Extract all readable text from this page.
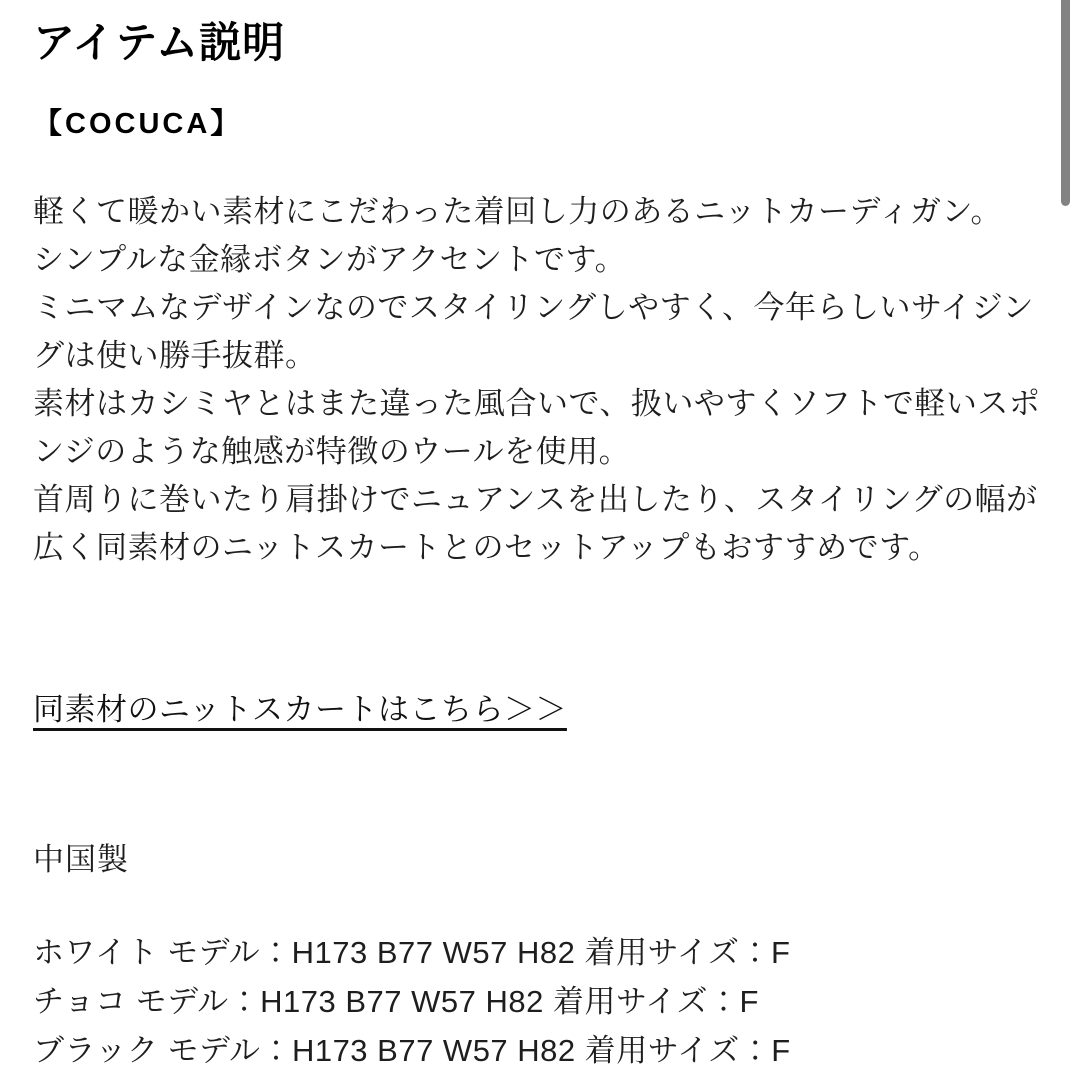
アイテム説明
【COCUCA】
軽くて暖かい素材にこだわった着回し力のあるニットカーディガン。
シンプルな金縁ボタンがアクセントです。
ミニマムなデザインなのでスタイリングしやすく、今年らしいサイジン
グは使い勝手抜群。
素材はカシミヤとはまた違った風合いで、扱いやすくソフトで軽いスポ
ンジのような触感が特徴のウールを使用。
首周りに巻いたり肩掛けでニュアンスを出したり、スタイリングの幅が
広く同素材のニットスカートとのセットアップもおすすめです。
同素材のニットスカートはこちら＞＞
中国製
ホワイト モデル：H173 B77 W57 H82 着用サイズ：F
チョコ モデル：H173 B77 W57 H82 着用サイズ：F
ブラック モデル：H173 B77 W57 H82 着用サイズ：F
